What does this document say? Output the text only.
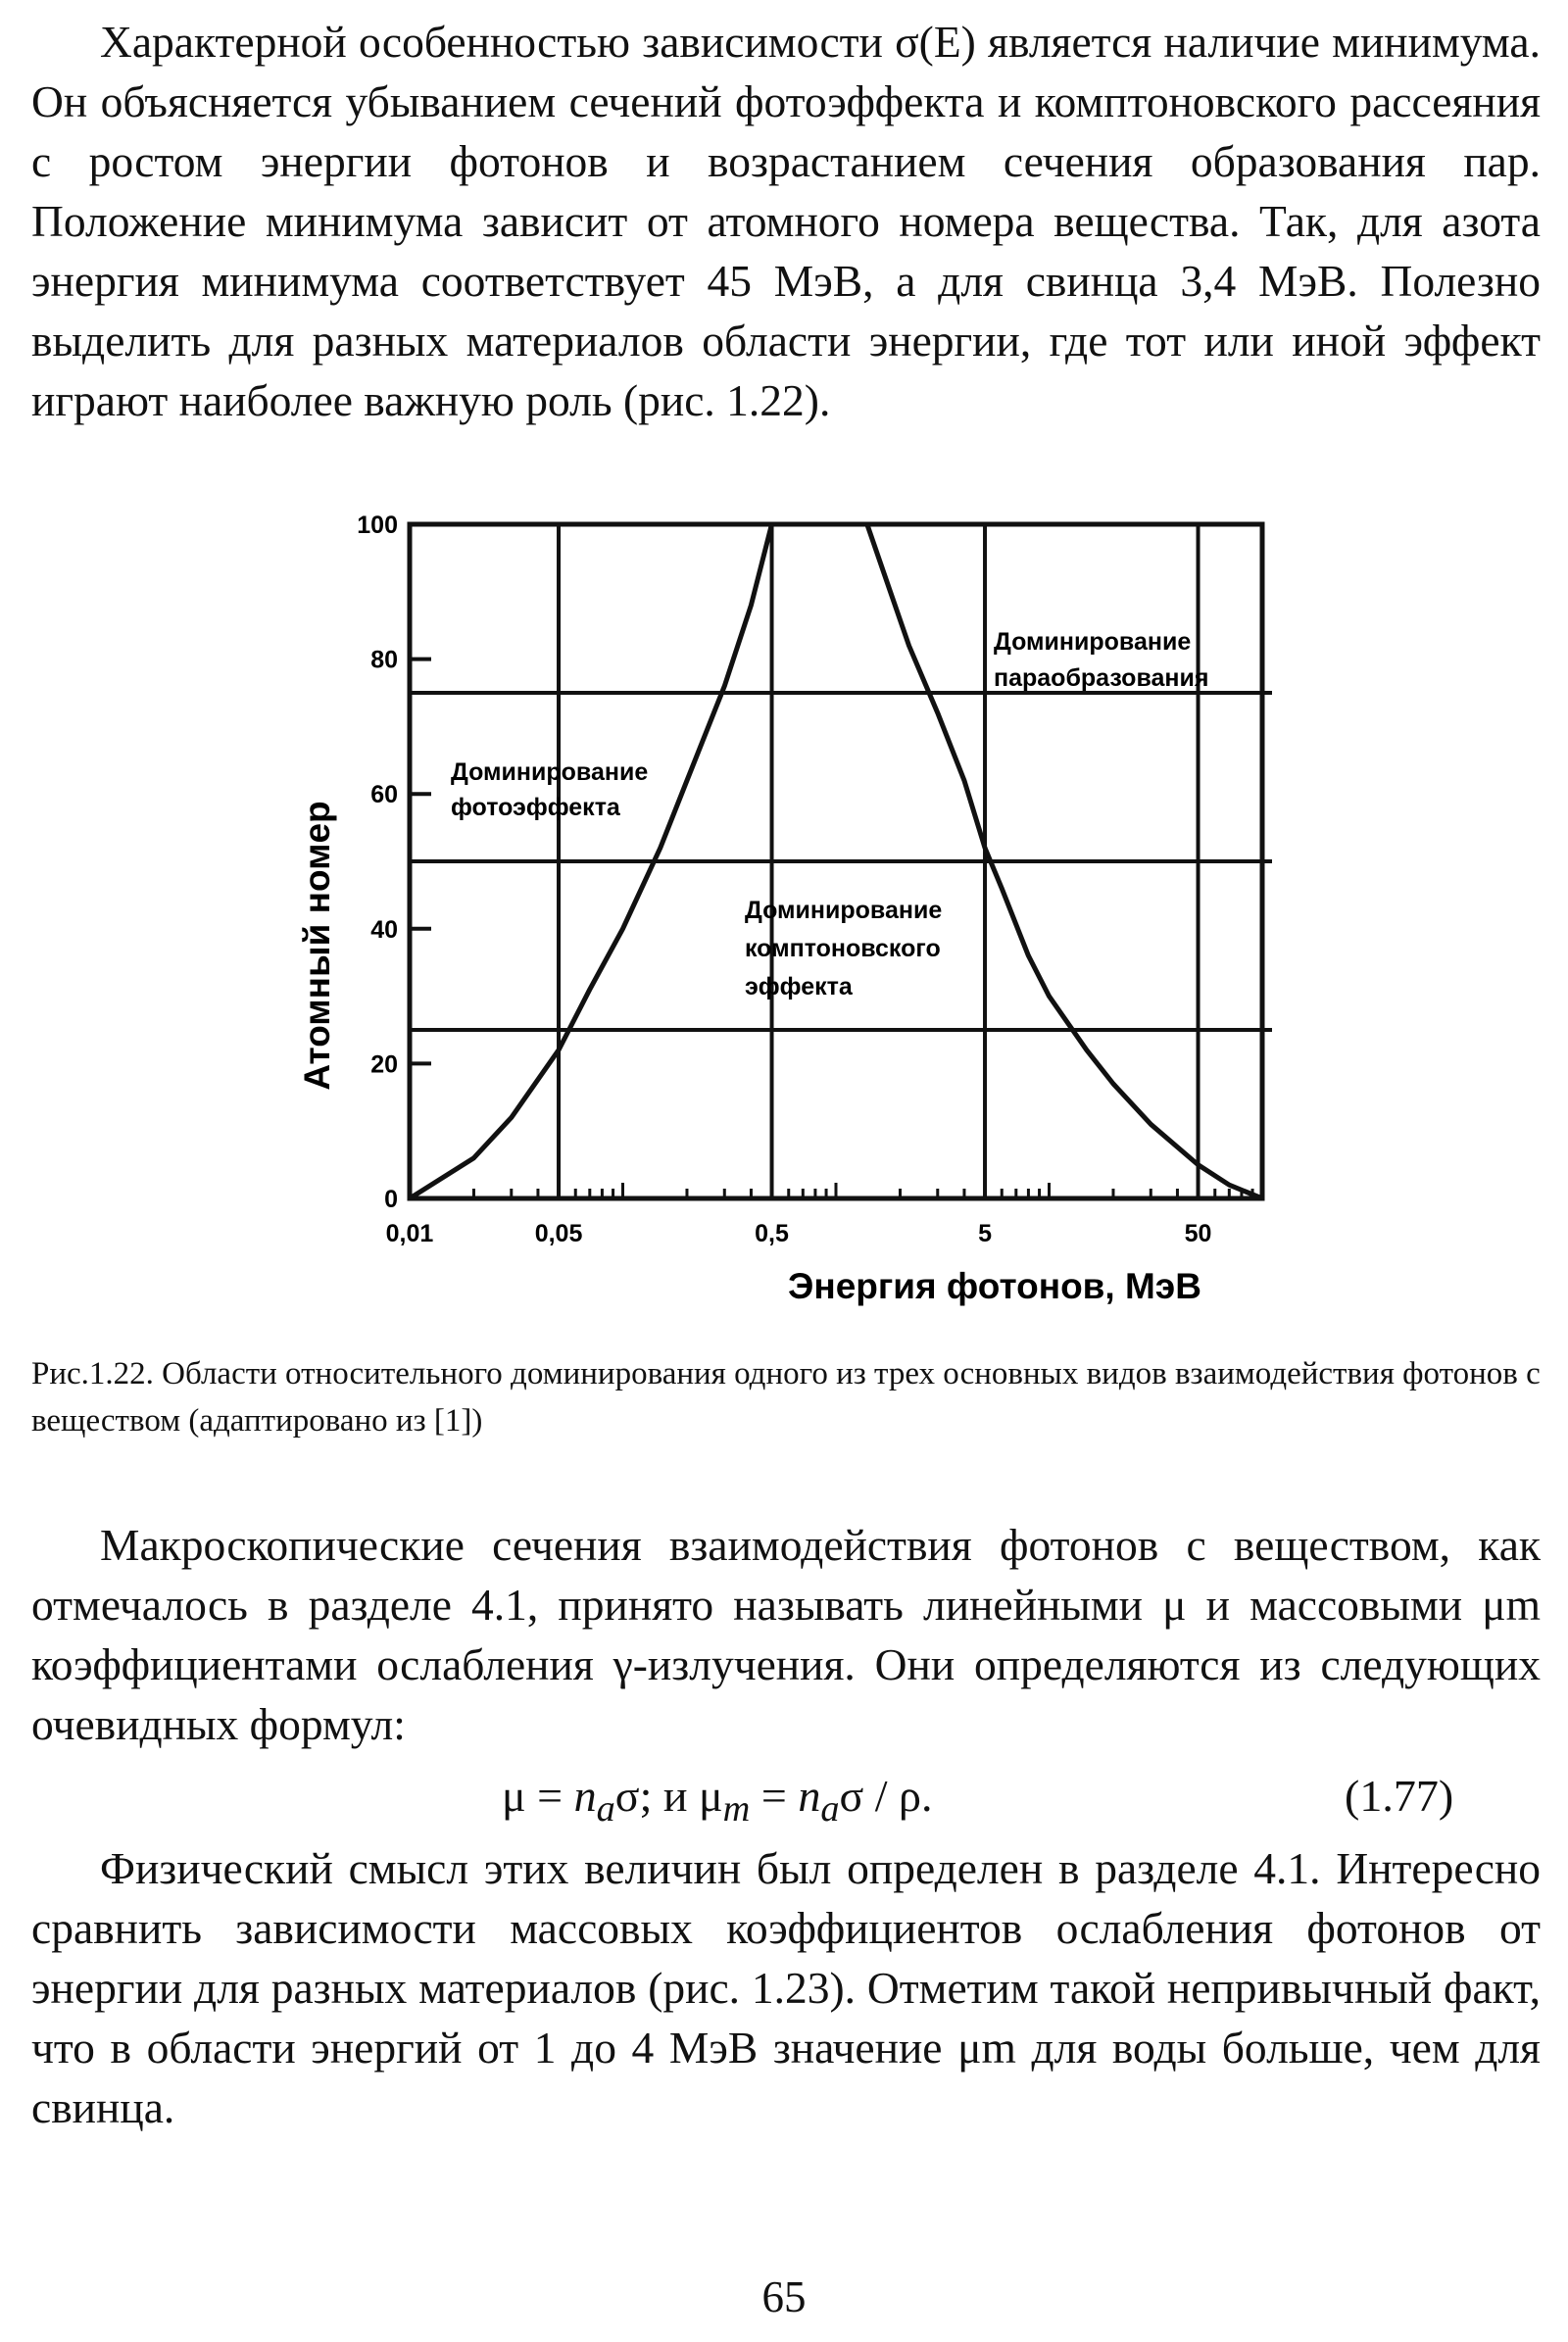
Характерной особенностью зависимости σ(E) является наличие минимума. Он объясняется убыванием сечений фотоэффекта и комптоновского рассеяния с ростом энергии фотонов и возрастанием сечения образования пар. Положение минимума зависит от атомного номера вещества. Так, для азота энергия минимума соответствует 45 МэВ, а для свинца 3,4 МэВ. Полезно выделить для разных материалов области энергии, где тот или иной эффект играют наиболее важную роль (рис. 1.22).

100
80
60
40
20
0
0,01	0,05	0,5	5	50
Доминирование
фотоэффекта
Доминирование
комптоновского
эффекта
Доминирование
параобразования
Атомный номер
Энергия фотонов, МэВ

Рис.1.22. Области относительного доминирования одного из трех основных видов взаимодействия фотонов с веществом (адаптировано из [1])

Макроскопические сечения взаимодействия фотонов с веществом, как отмечалось в разделе 4.1, принято называть линейными μ и массовыми μm коэффициентами ослабления γ-излучения. Они определяются из следующих очевидных формул:

$\mu = n_a\sigma$; и $\mu_m = n_a\sigma / \rho$.	(1.77)

Физический смысл этих величин был определен в разделе 4.1. Интересно сравнить зависимости массовых коэффициентов ослабления фотонов от энергии для разных материалов (рис. 1.23). Отметим такой непривычный факт, что в области энергий от 1 до 4 МэВ значение μm для воды больше, чем для свинца.

65
